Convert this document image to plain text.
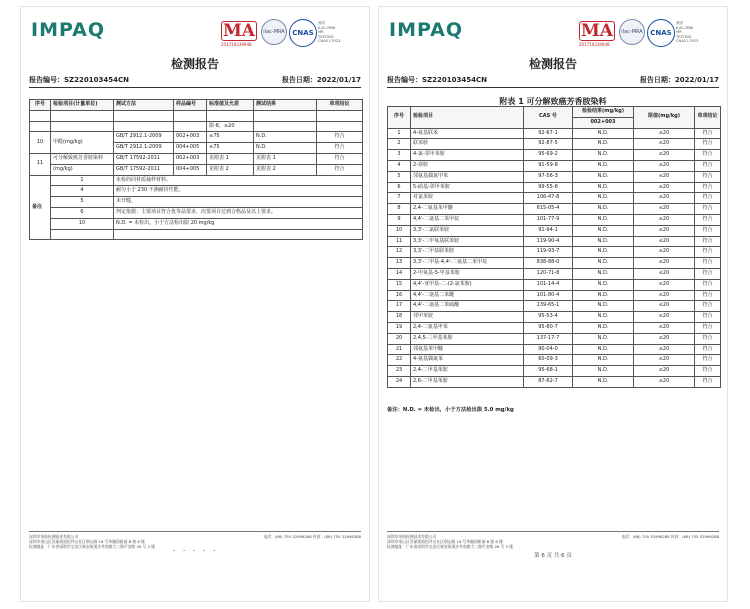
IMPAQ	MA
201719339948
ilac-MRA	CNAS
测试
ILAC-MRA
MR
TESTING
CNAS L7923
检测报告
报告编号：SZ220103454CN	报告日期：2022/01/17
序号	检验项目(计量单位)	测试方法	样品编号	标准值及允差	测试结果	单项结论

				限-6，≥20		
10	甲醛(mg/kg)	GB/T 2912.1-2009	002+003	≤75	N.D.	符合
		GB/T 2912.1-2009	004+005	≤75	N.D.	符合
11	可分解致癌芳香胺染料	GB/T 17592-2011	002+003	见附表 1	见附表 1	符合
	(mg/kg)	GB/T 17592-2011	004+005	见附表 2	见附表 2	符合
备注	1	未检的同材质抽样材料。				
	4	耐匀小于 230 不测耐折性能。				
	5	未开缝。				
	6	判定依据：主要项目符合优等品要求，次要项目达到合格品及以上要求。				
	10	N.D. = 未检出，小于方法检出限 20 mg/kg				

深圳市英柏检测技术有限公司
深圳市南山区西丽街道松坪山社区朗山路 16 号华瀚创新园 B 座 6 楼
检测地址：广东省深圳市宝安区新安街道沙井南路大二路平安路 26 号 3 楼
电话：(86) 755 32998288 传真：(86) 755 32998288
- - - - -
IMPAQ	MA
201719339948
ilac-MRA	CNAS
测试
ILAC-MRA
MR
TESTING
CNAS L7923
检测报告
报告编号：SZ220103454CN	报告日期：2022/01/17
附表 1 可分解致癌芳香胺染料
序号	检验项目	CAS 号	检验结果(mg/kg)	限值(mg/kg)	单项结论
			002+003		
1	4-氨基联苯	92-67-1	N.D.	≤20	符合
2	联苯胺	92-87-5	N.D.	≤20	符合
3	4-氯-邻甲苯胺	95-69-2	N.D.	≤20	符合
4	2-萘胺	91-59-8	N.D.	≤20	符合
5	邻氨基偶氮甲苯	97-56-3	N.D.	≤20	符合
6	5-硝基-邻甲苯胺	99-55-8	N.D.	≤20	符合
7	对氯苯胺	106-47-8	N.D.	≤20	符合
8	2,4-二氨基苯甲醚	615-05-4	N.D.	≤20	符合
9	4,4'-二氨基二苯甲烷	101-77-9	N.D.	≤20	符合
10	3,3'-二氯联苯胺	91-94-1	N.D.	≤20	符合
11	3,3'-二甲氧基联苯胺	119-90-4	N.D.	≤20	符合
12	3,3'-二甲基联苯胺	119-93-7	N.D.	≤20	符合
13	3,3'-二甲基-4,4'-二氨基二苯甲烷	838-88-0	N.D.	≤20	符合
14	2-甲氧基-5-甲基苯胺	120-71-8	N.D.	≤20	符合
15	4,4'-亚甲基-二-(2-氯苯胺)	101-14-4	N.D.	≤20	符合
16	4,4'-二氨基二苯醚	101-80-4	N.D.	≤20	符合
17	4,4'-二氨基二苯硫醚	139-65-1	N.D.	≤20	符合
18	邻甲苯胺	95-53-4	N.D.	≤20	符合
19	2,4-二氨基甲苯	95-80-7	N.D.	≤20	符合
20	2,4,5-三甲基苯胺	137-17-7	N.D.	≤20	符合
21	邻氨基苯甲醚	90-04-0	N.D.	≤20	符合
22	4-氨基偶氮苯	60-09-3	N.D.	≤20	符合
23	2,4-二甲基苯胺	95-68-1	N.D.	≤20	符合
24	2,6-二甲基苯胺	87-62-7	N.D.	≤20	符合
备注：N.D. = 未检出，小于方法检出限 5.0 mg/kg
深圳市英柏检测技术有限公司
深圳市南山区西丽街道松坪山社区朗山路 16 号华瀚创新园 B 座 6 楼
检测地址：广东省深圳市宝安区新安街道沙井南路大二路平安路 26 号 3 楼
电话：(86) 755 32998288 传真：(86) 755 32998288
第 6 页 共 6 页
